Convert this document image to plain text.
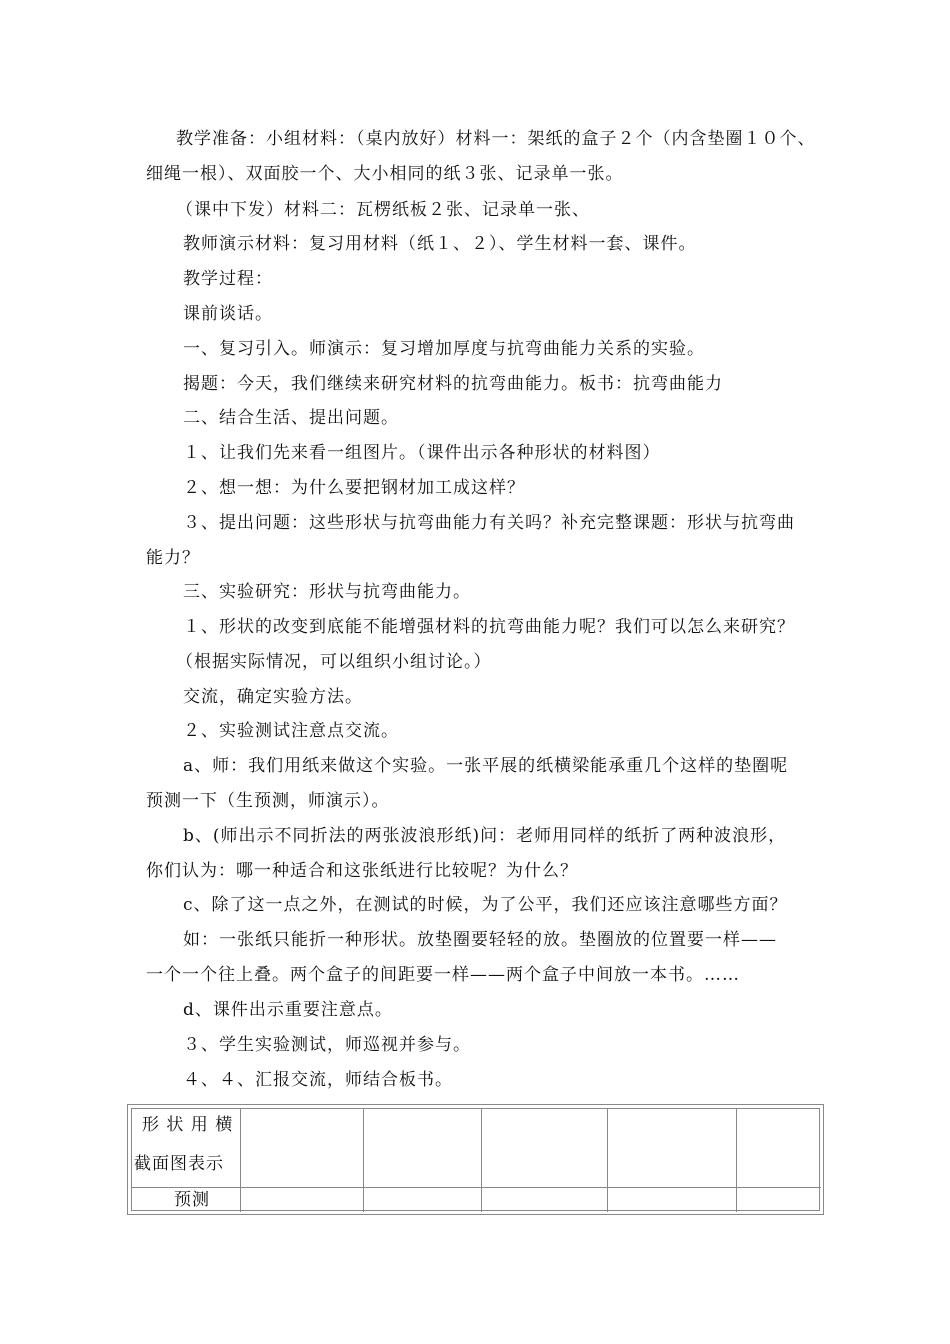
教学准备：小组材料：（桌内放好）材料一：架纸的盒子２个（内含垫圈１０个、
细绳一根）、双面胶一个、大小相同的纸３张、记录单一张。
（课中下发）材料二：瓦楞纸板２张、记录单一张、
教师演示材料：复习用材料（纸１、２）、学生材料一套、课件。
教学过程：
课前谈话。
一、复习引入。师演示：复习增加厚度与抗弯曲能力关系的实验。
揭题：今天，我们继续来研究材料的抗弯曲能力。板书：抗弯曲能力
二、结合生活、提出问题。
１、让我们先来看一组图片。（课件出示各种形状的材料图）
２、想一想：为什么要把钢材加工成这样？
３、提出问题：这些形状与抗弯曲能力有关吗？补充完整课题：形状与抗弯曲
能力？
三、实验研究：形状与抗弯曲能力。
１、形状的改变到底能不能增强材料的抗弯曲能力呢？我们可以怎么来研究？
（根据实际情况，可以组织小组讨论。）
交流，确定实验方法。
２、实验测试注意点交流。
a、师：我们用纸来做这个实验。一张平展的纸横梁能承重几个这样的垫圈呢
预测一下（生预测，师演示）。
b、(师出示不同折法的两张波浪形纸)问：老师用同样的纸折了两种波浪形，
你们认为：哪一种适合和这张纸进行比较呢？为什么？
c、除了这一点之外，在测试的时候，为了公平，我们还应该注意哪些方面？
如：一张纸只能折一种形状。放垫圈要轻轻的放。垫圈放的位置要一样——
一个一个往上叠。两个盒子的间距要一样——两个盒子中间放一本书。……
d、课件出示重要注意点。
３、学生实验测试，师巡视并参与。
４、４、汇报交流，师结合板书。
形 状 用 横
截面图表示
预测
